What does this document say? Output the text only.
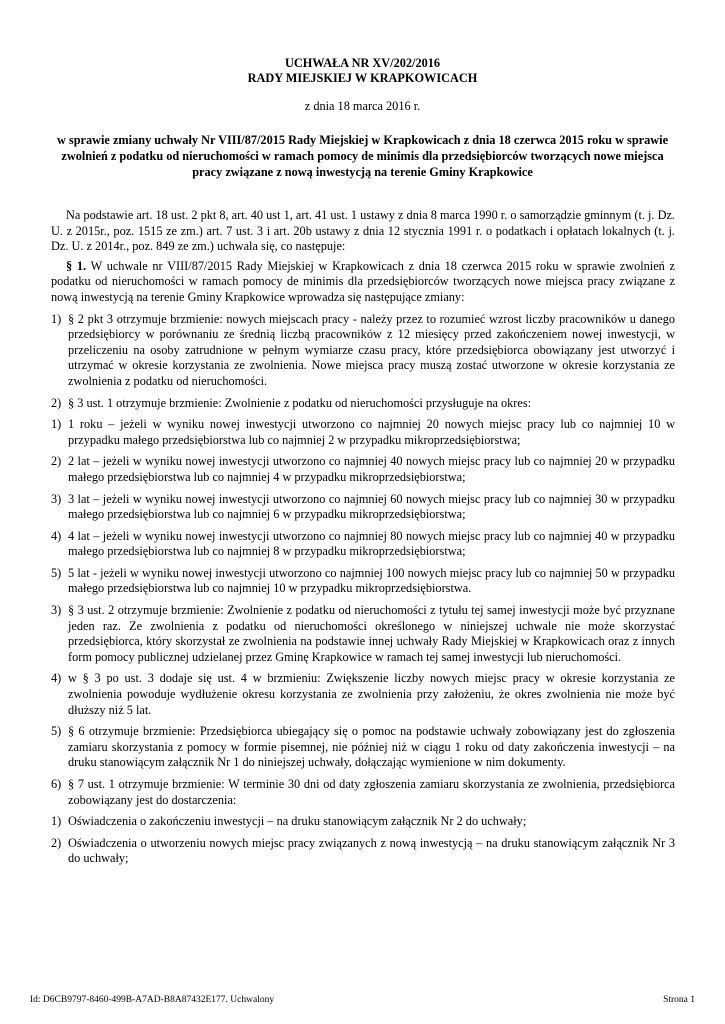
UCHWAŁA NR XV/202/2016
RADY MIEJSKIEJ W KRAPKOWICACH
z dnia 18 marca 2016 r.
w sprawie zmiany uchwały Nr VIII/87/2015 Rady Miejskiej w Krapkowicach z dnia 18 czerwca 2015 roku w sprawie zwolnień z podatku od nieruchomości w ramach pomocy de minimis dla przedsiębiorców tworzących nowe miejsca pracy związane z nową inwestycją na terenie Gminy Krapkowice

Na podstawie art. 18 ust. 2 pkt 8, art. 40 ust 1, art. 41 ust. 1 ustawy z dnia 8 marca 1990 r. o samorządzie gminnym (t. j. Dz. U. z 2015r., poz. 1515 ze zm.) art. 7 ust. 3 i art. 20b ustawy z dnia 12 stycznia 1991 r. o podatkach i opłatach lokalnych (t. j. Dz. U. z 2014r., poz. 849 ze zm.) uchwala się, co następuje:

§ 1. W uchwale nr VIII/87/2015 Rady Miejskiej w Krapkowicach z dnia 18 czerwca 2015 roku w sprawie zwolnień z podatku od nieruchomości w ramach pomocy de minimis dla przedsiębiorców tworzących nowe miejsca pracy związane z nową inwestycją na terenie Gminy Krapkowice wprowadza się następujące zmiany:

1) § 2 pkt 3 otrzymuje brzmienie: nowych miejscach pracy - należy przez to rozumieć wzrost liczby pracowników u danego przedsiębiorcy w porównaniu ze średnią liczbą pracowników z 12 miesięcy przed zakończeniem nowej inwestycji, w przeliczeniu na osoby zatrudnione w pełnym wymiarze czasu pracy, które przedsiębiorca obowiązany jest utworzyć i utrzymać w okresie korzystania ze zwolnienia. Nowe miejsca pracy muszą zostać utworzone w okresie korzystania ze zwolnienia z podatku od nieruchomości.
2) § 3 ust. 1 otrzymuje brzmienie: Zwolnienie z podatku od nieruchomości przysługuje na okres:
1) 1 roku – jeżeli w wyniku nowej inwestycji utworzono co najmniej 20 nowych miejsc pracy lub co najmniej 10 w przypadku małego przedsiębiorstwa lub co najmniej 2 w przypadku mikroprzedsiębiorstwa;
2) 2 lat – jeżeli w wyniku nowej inwestycji utworzono co najmniej 40 nowych miejsc pracy lub co najmniej 20 w przypadku małego przedsiębiorstwa lub co najmniej 4 w przypadku mikroprzedsiębiorstwa;
3) 3 lat – jeżeli w wyniku nowej inwestycji utworzono co najmniej 60 nowych miejsc pracy lub co najmniej 30 w przypadku małego przedsiębiorstwa lub co najmniej 6 w przypadku mikroprzedsiębiorstwa;
4) 4 lat – jeżeli w wyniku nowej inwestycji utworzono co najmniej 80 nowych miejsc pracy lub co najmniej 40 w przypadku małego przedsiębiorstwa lub co najmniej 8 w przypadku mikroprzedsiębiorstwa;
5) 5 lat - jeżeli w wyniku nowej inwestycji utworzono co najmniej 100 nowych miejsc pracy lub co najmniej 50 w przypadku małego przedsiębiorstwa lub co najmniej 10 w przypadku mikroprzedsiębiorstwa.
3) § 3 ust. 2 otrzymuje brzmienie: Zwolnienie z podatku od nieruchomości z tytułu tej samej inwestycji może być przyznane jeden raz. Ze zwolnienia z podatku od nieruchomości określonego w niniejszej uchwale nie może skorzystać przedsiębiorca, który skorzystał ze zwolnienia na podstawie innej uchwały Rady Miejskiej w Krapkowicach oraz z innych form pomocy publicznej udzielanej przez Gminę Krapkowice w ramach tej samej inwestycji lub nieruchomości.
4) w § 3 po ust. 3 dodaje się ust. 4 w brzmieniu: Zwiększenie liczby nowych miejsc pracy w okresie korzystania ze zwolnienia powoduje wydłużenie okresu korzystania ze zwolnienia przy założeniu, że okres zwolnienia nie może być dłuższy niż 5 lat.
5) § 6 otrzymuje brzmienie: Przedsiębiorca ubiegający się o pomoc na podstawie uchwały zobowiązany jest do zgłoszenia zamiaru skorzystania z pomocy w formie pisemnej, nie później niż w ciągu 1 roku od daty zakończenia inwestycji – na druku stanowiącym załącznik Nr 1 do niniejszej uchwały, dołączając wymienione w nim dokumenty.
6) § 7 ust. 1 otrzymuje brzmienie: W terminie 30 dni od daty zgłoszenia zamiaru skorzystania ze zwolnienia, przedsiębiorca zobowiązany jest do dostarczenia:
1) Oświadczenia o zakończeniu inwestycji – na druku stanowiącym załącznik Nr 2 do uchwały;
2) Oświadczenia o utworzeniu nowych miejsc pracy związanych z nową inwestycją – na druku stanowiącym załącznik Nr 3 do uchwały;
Id: D6CB9797-8460-499B-A7AD-B8A87432E177. Uchwalony	Strona 1
